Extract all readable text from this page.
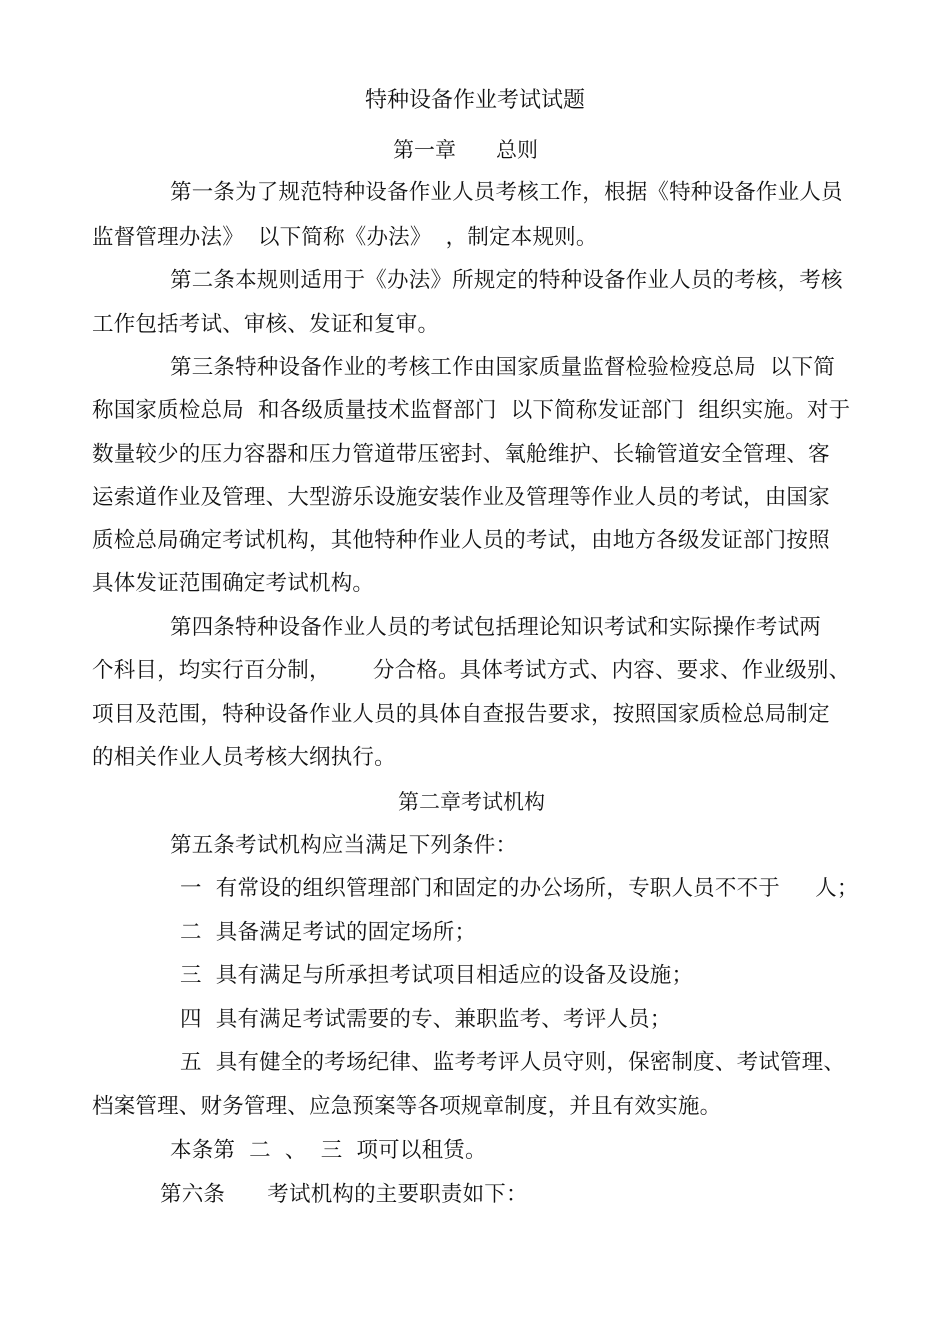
特种设备作业考试试题
第一章      总则
第一条为了规范特种设备作业人员考核工作，根据《特种设备作业人员
监督管理办法》  以下简称《办法》  ，制定本规则。
第二条本规则适用于《办法》所规定的特种设备作业人员的考核，考核
工作包括考试、审核、发证和复审。
第三条特种设备作业的考核工作由国家质量监督检验检疫总局  以下简
称国家质检总局  和各级质量技术监督部门  以下简称发证部门  组织实施。对于
数量较少的压力容器和压力管道带压密封、氧舱维护、长输管道安全管理、客
运索道作业及管理、大型游乐设施安装作业及管理等作业人员的考试，由国家
质检总局确定考试机构，其他特种作业人员的考试，由地方各级发证部门按照
具体发证范围确定考试机构。
第四条特种设备作业人员的考试包括理论知识考试和实际操作考试两
个科目，均实行百分制，      分合格。具体考试方式、内容、要求、作业级别、
项目及范围，特种设备作业人员的具体自查报告要求，按照国家质检总局制定
的相关作业人员考核大纲执行。
第二章考试机构
第五条考试机构应当满足下列条件：
一  有常设的组织管理部门和固定的办公场所，专职人员不不于     人；
二  具备满足考试的固定场所；
三  具有满足与所承担考试项目相适应的设备及设施；
四  具有满足考试需要的专、兼职监考、考评人员；
五  具有健全的考场纪律、监考考评人员守则，保密制度、考试管理、
档案管理、财务管理、应急预案等各项规章制度，并且有效实施。
本条第  二  、  三  项可以租赁。
第六条      考试机构的主要职责如下：
